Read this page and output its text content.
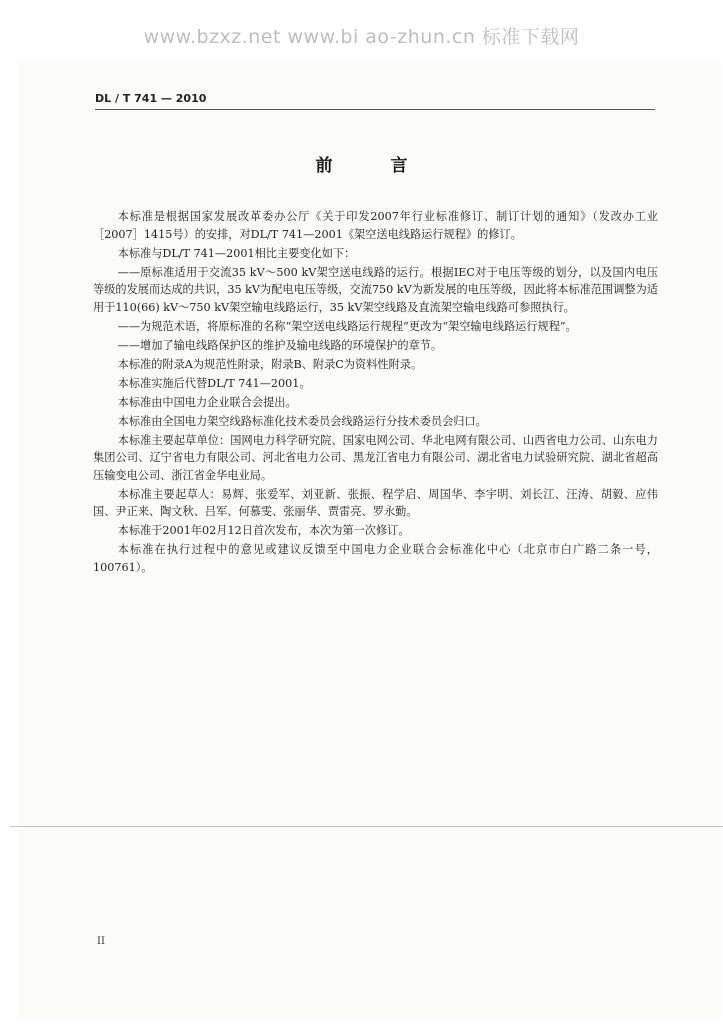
www.bzxz.net www.bi ao-zhun.cn 标准下载网
DL / T 741 — 2010
前 言

本标准是根据国家发展改革委办公厅《关于印发2007年行业标准修订、制订计划的通知》（发改办工业［2007］1415号）的安排，对DL/T 741—2001《架空送电线路运行规程》的修订。

本标准与DL/T 741—2001相比主要变化如下：

——原标准适用于交流35 kV～500 kV架空送电线路的运行。根据IEC对于电压等级的划分，以及国内电压等级的发展而达成的共识，35 kV为配电电压等级，交流750 kV为新发展的电压等级，因此将本标准范围调整为适用于110(66) kV～750 kV架空输电线路运行，35 kV架空线路及直流架空输电线路可参照执行。

——为规范术语，将原标准的名称“架空送电线路运行规程”更改为“架空输电线路运行规程”。

——增加了输电线路保护区的维护及输电线路的环境保护的章节。

本标准的附录A为规范性附录，附录B、附录C为资料性附录。

本标准实施后代替DL/T 741—2001。

本标准由中国电力企业联合会提出。

本标准由全国电力架空线路标准化技术委员会线路运行分技术委员会归口。

本标准主要起草单位：国网电力科学研究院、国家电网公司、华北电网有限公司、山西省电力公司、山东电力集团公司、辽宁省电力有限公司、河北省电力公司、黑龙江省电力有限公司、湖北省电力试验研究院、湖北省超高压输变电公司、浙江省金华电业局。

本标准主要起草人：易辉、张爱军、刘亚新、张振、程学启、周国华、李宇明、刘长江、汪涛、胡毅、应伟国、尹正来、陶文秋、吕军、何慕雯、张丽华、贾雷亮、罗永勤。

本标准于2001年02月12日首次发布，本次为第一次修订。

本标准在执行过程中的意见或建议反馈至中国电力企业联合会标准化中心（北京市白广路二条一号，100761）。

II
